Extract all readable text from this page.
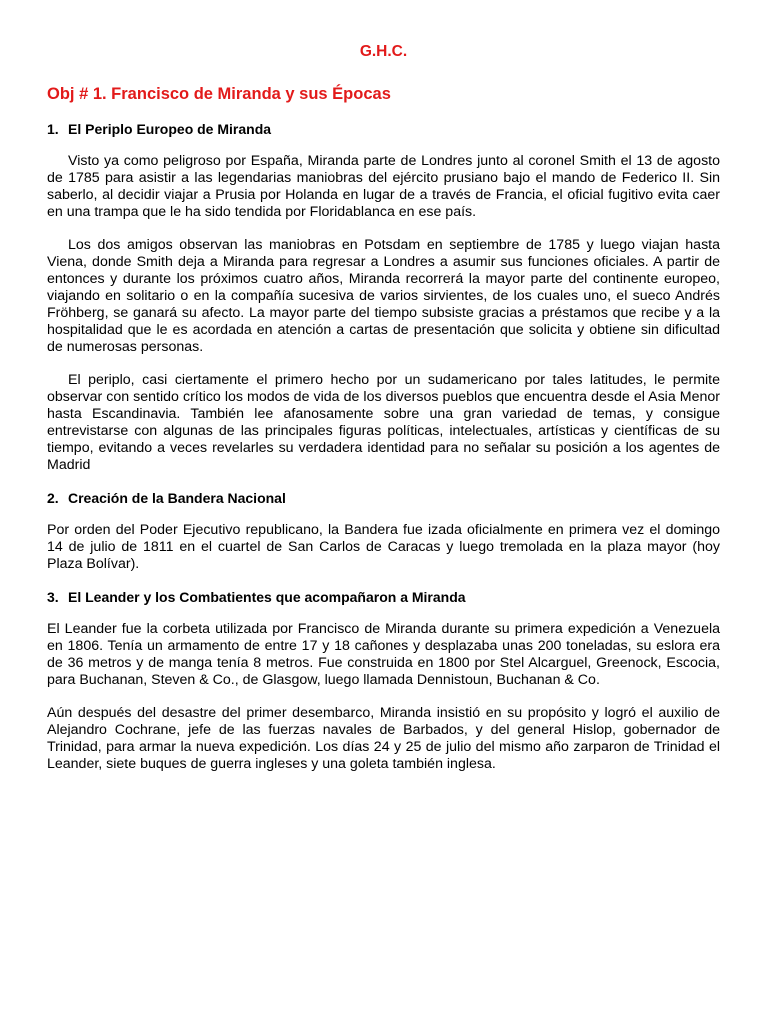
G.H.C.
Obj # 1. Francisco de Miranda y sus Épocas
1. El Periplo Europeo de Miranda

Visto ya como peligroso por España, Miranda parte de Londres junto al coronel Smith el 13 de agosto de 1785 para asistir a las legendarias maniobras del ejército prusiano bajo el mando de Federico II. Sin saberlo, al decidir viajar a Prusia por Holanda en lugar de a través de Francia, el oficial fugitivo evita caer en una trampa que le ha sido tendida por Floridablanca en ese país.

Los dos amigos observan las maniobras en Potsdam en septiembre de 1785 y luego viajan hasta Viena, donde Smith deja a Miranda para regresar a Londres a asumir sus funciones oficiales. A partir de entonces y durante los próximos cuatro años, Miranda recorrerá la mayor parte del continente europeo, viajando en solitario o en la compañía sucesiva de varios sirvientes, de los cuales uno, el sueco Andrés Fröhberg, se ganará su afecto. La mayor parte del tiempo subsiste gracias a préstamos que recibe y a la hospitalidad que le es acordada en atención a cartas de presentación que solicita y obtiene sin dificultad de numerosas personas.

El periplo, casi ciertamente el primero hecho por un sudamericano por tales latitudes, le permite observar con sentido crítico los modos de vida de los diversos pueblos que encuentra desde el Asia Menor hasta Escandinavia. También lee afanosamente sobre una gran variedad de temas, y consigue entrevistarse con algunas de las principales figuras políticas, intelectuales, artísticas y científicas de su tiempo, evitando a veces revelarles su verdadera identidad para no señalar su posición a los agentes de Madrid

2. Creación de la Bandera Nacional

Por orden del Poder Ejecutivo republicano, la Bandera fue izada oficialmente en primera vez el domingo 14 de julio de 1811 en el cuartel de San Carlos de Caracas y luego tremolada en la plaza mayor (hoy Plaza Bolívar).

3. El Leander y los Combatientes que acompañaron a Miranda

El Leander fue la corbeta utilizada por Francisco de Miranda durante su primera expedición a Venezuela en 1806. Tenía un armamento de entre 17 y 18 cañones y desplazaba unas 200 toneladas, su eslora era de 36 metros y de manga tenía 8 metros. Fue construida en 1800 por Stel Alcarguel, Greenock, Escocia, para Buchanan, Steven & Co., de Glasgow, luego llamada Dennistoun, Buchanan & Co.

Aún después del desastre del primer desembarco, Miranda insistió en su propósito y logró el auxilio de Alejandro Cochrane, jefe de las fuerzas navales de Barbados, y del general Hislop, gobernador de Trinidad, para armar la nueva expedición. Los días 24 y 25 de julio del mismo año zarparon de Trinidad el Leander, siete buques de guerra ingleses y una goleta también inglesa.
